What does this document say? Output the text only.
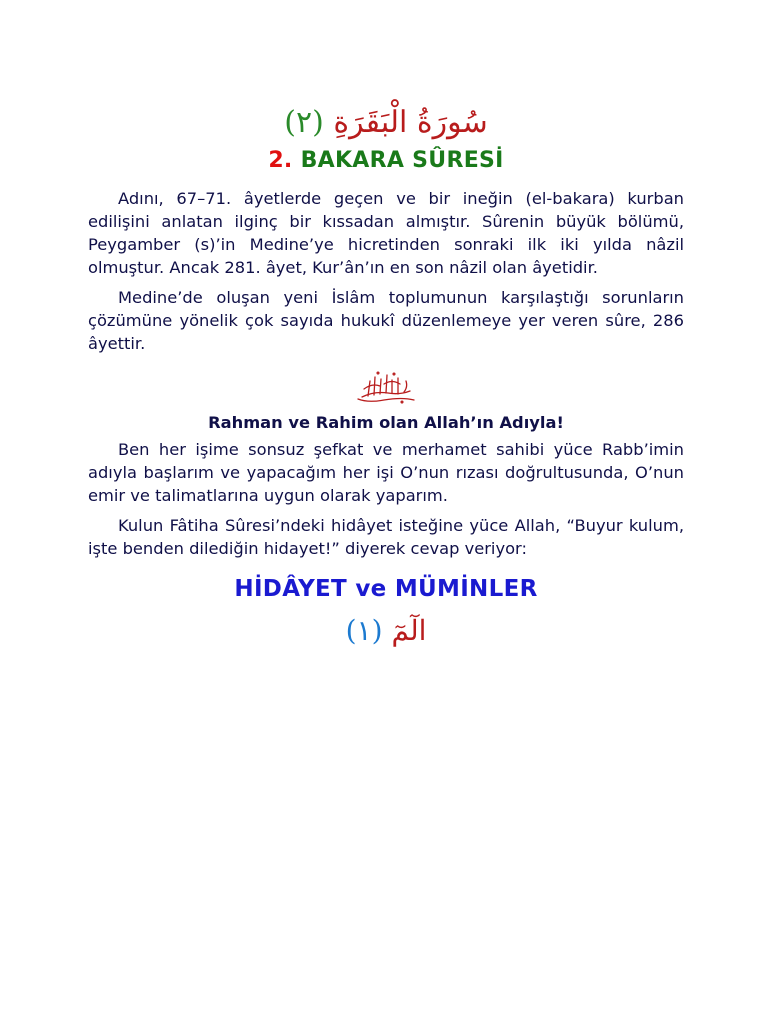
سُورَةُ الْبَقَرَةِ (٢)
2. BAKARA SÛRESİ

Adını, 67–71. âyetlerde geçen ve bir ineğin (el-bakara) kurban edilişini anlatan ilginç bir kıssadan almıştır. Sûrenin büyük bölümü, Peygamber (s)’in Medine’ye hicretinden sonraki ilk iki yılda nâzil olmuştur. Ancak 281. âyet, Kur’ân’ın en son nâzil olan âyetidir.

Medine’de oluşan yeni İslâm toplumunun karşılaştığı sorunların çözümüne yönelik çok sayıda hukukî düzenlemeye yer veren sûre, 286 âyettir.

Rahman ve Rahim olan Allah’ın Adıyla!

Ben her işime sonsuz şefkat ve merhamet sahibi yüce Rabb’imin adıyla başlarım ve yapacağım her işi O’nun rızası doğrultusunda, O’nun emir ve talimatlarına uygun olarak yaparım.

Kulun Fâtiha Sûresi’ndeki hidâyet isteğine yüce Allah, “Buyur kulum, işte benden dilediğin hidayet!” diyerek cevap veriyor:

HİDÂYET ve MÜMİNLER
الٓمٓ (١)
